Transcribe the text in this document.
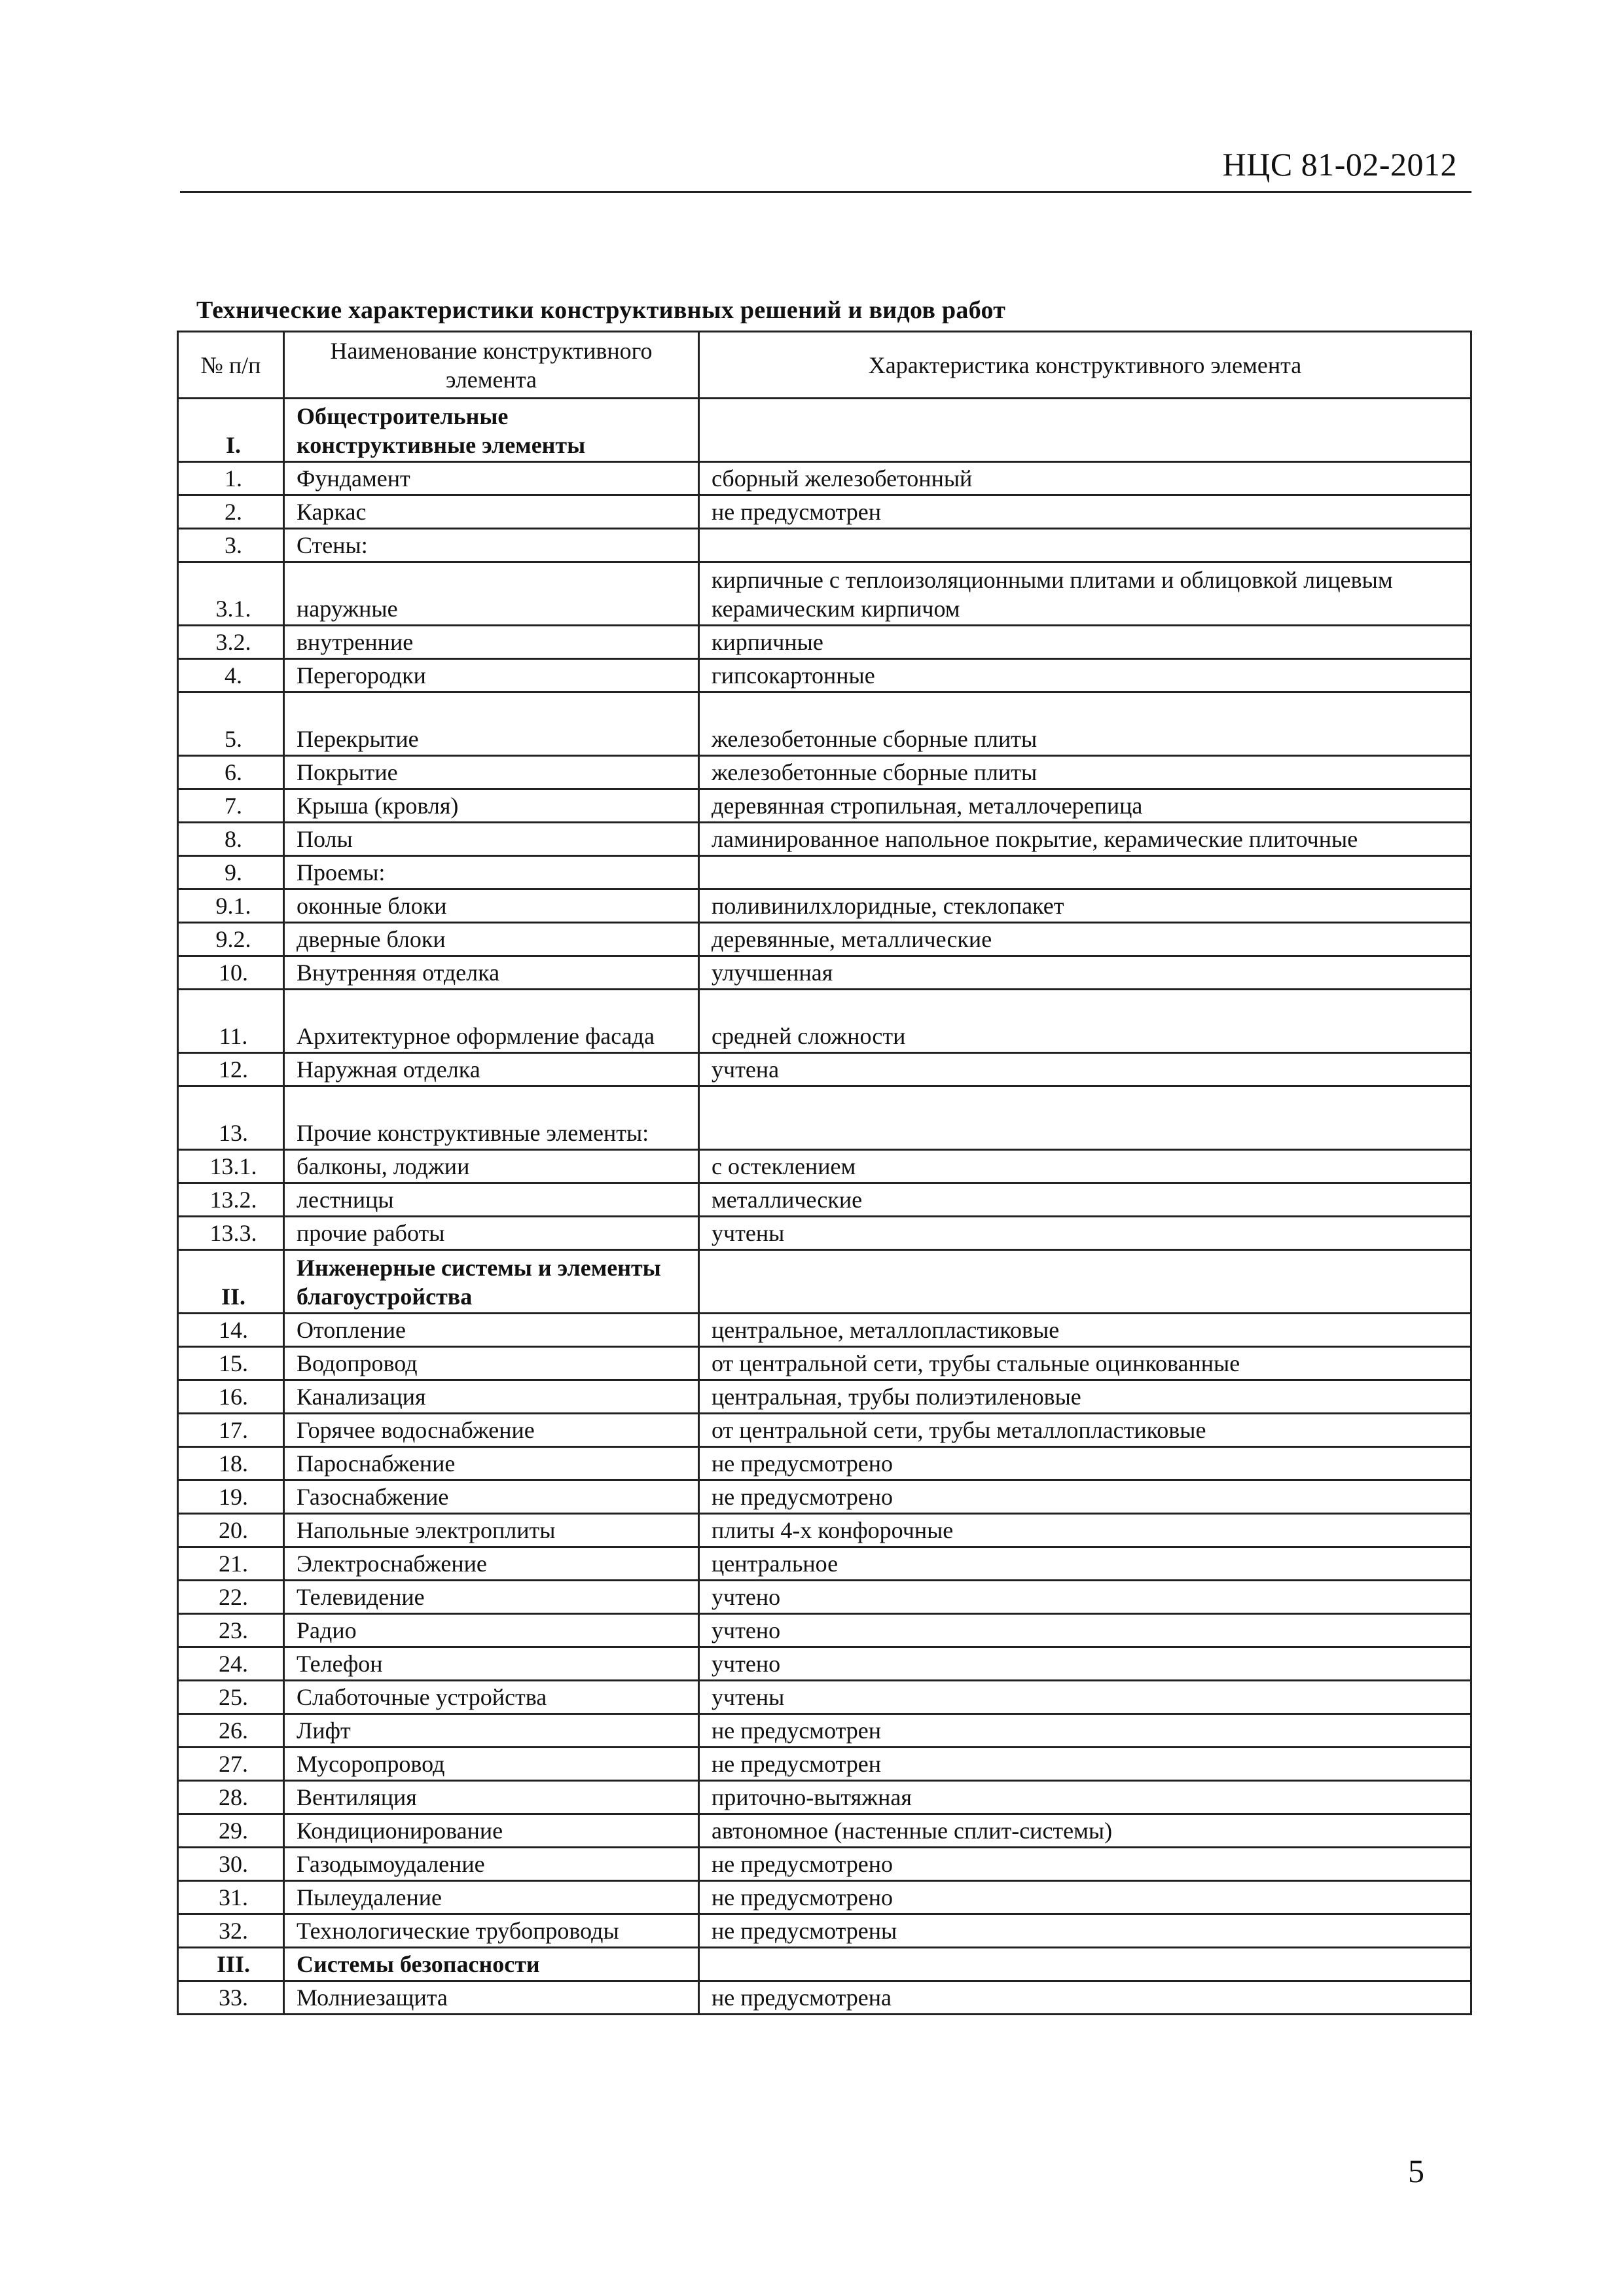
НЦС 81-02-2012
Технические характеристики конструктивных решений и видов работ
№ п/п	Наименование конструктивного элемента	Характеристика конструктивного элемента
I.	Общестроительные конструктивные элементы	
1.	Фундамент	сборный железобетонный
2.	Каркас	не предусмотрен
3.	Стены:	
3.1.	наружные	кирпичные с теплоизоляционными плитами и облицовкой лицевым керамическим кирпичом
3.2.	внутренние	кирпичные
4.	Перегородки	гипсокартонные
5.	Перекрытие	железобетонные сборные плиты
6.	Покрытие	железобетонные сборные плиты
7.	Крыша (кровля)	деревянная стропильная, металлочерепица
8.	Полы	ламинированное напольное покрытие, керамические плиточные
9.	Проемы:	
9.1.	оконные блоки	поливинилхлоридные, стеклопакет
9.2.	дверные блоки	деревянные, металлические
10.	Внутренняя отделка	улучшенная
11.	Архитектурное оформление фасада	средней сложности
12.	Наружная отделка	учтена
13.	Прочие конструктивные элементы:	
13.1.	балконы, лоджии	с остеклением
13.2.	лестницы	металлические
13.3.	прочие работы	учтены
II.	Инженерные системы и элементы благоустройства	
14.	Отопление	центральное, металлопластиковые
15.	Водопровод	от центральной сети, трубы стальные оцинкованные
16.	Канализация	центральная, трубы полиэтиленовые
17.	Горячее водоснабжение	от центральной сети, трубы металлопластиковые
18.	Пароснабжение	не предусмотрено
19.	Газоснабжение	не предусмотрено
20.	Напольные электроплиты	плиты 4-х конфорочные
21.	Электроснабжение	центральное
22.	Телевидение	учтено
23.	Радио	учтено
24.	Телефон	учтено
25.	Слаботочные устройства	учтены
26.	Лифт	не предусмотрен
27.	Мусоропровод	не предусмотрен
28.	Вентиляция	приточно-вытяжная
29.	Кондиционирование	автономное (настенные сплит-системы)
30.	Газодымоудаление	не предусмотрено
31.	Пылеудаление	не предусмотрено
32.	Технологические трубопроводы	не предусмотрены
III.	Системы безопасности	
33.	Молниезащита	не предусмотрена
5
